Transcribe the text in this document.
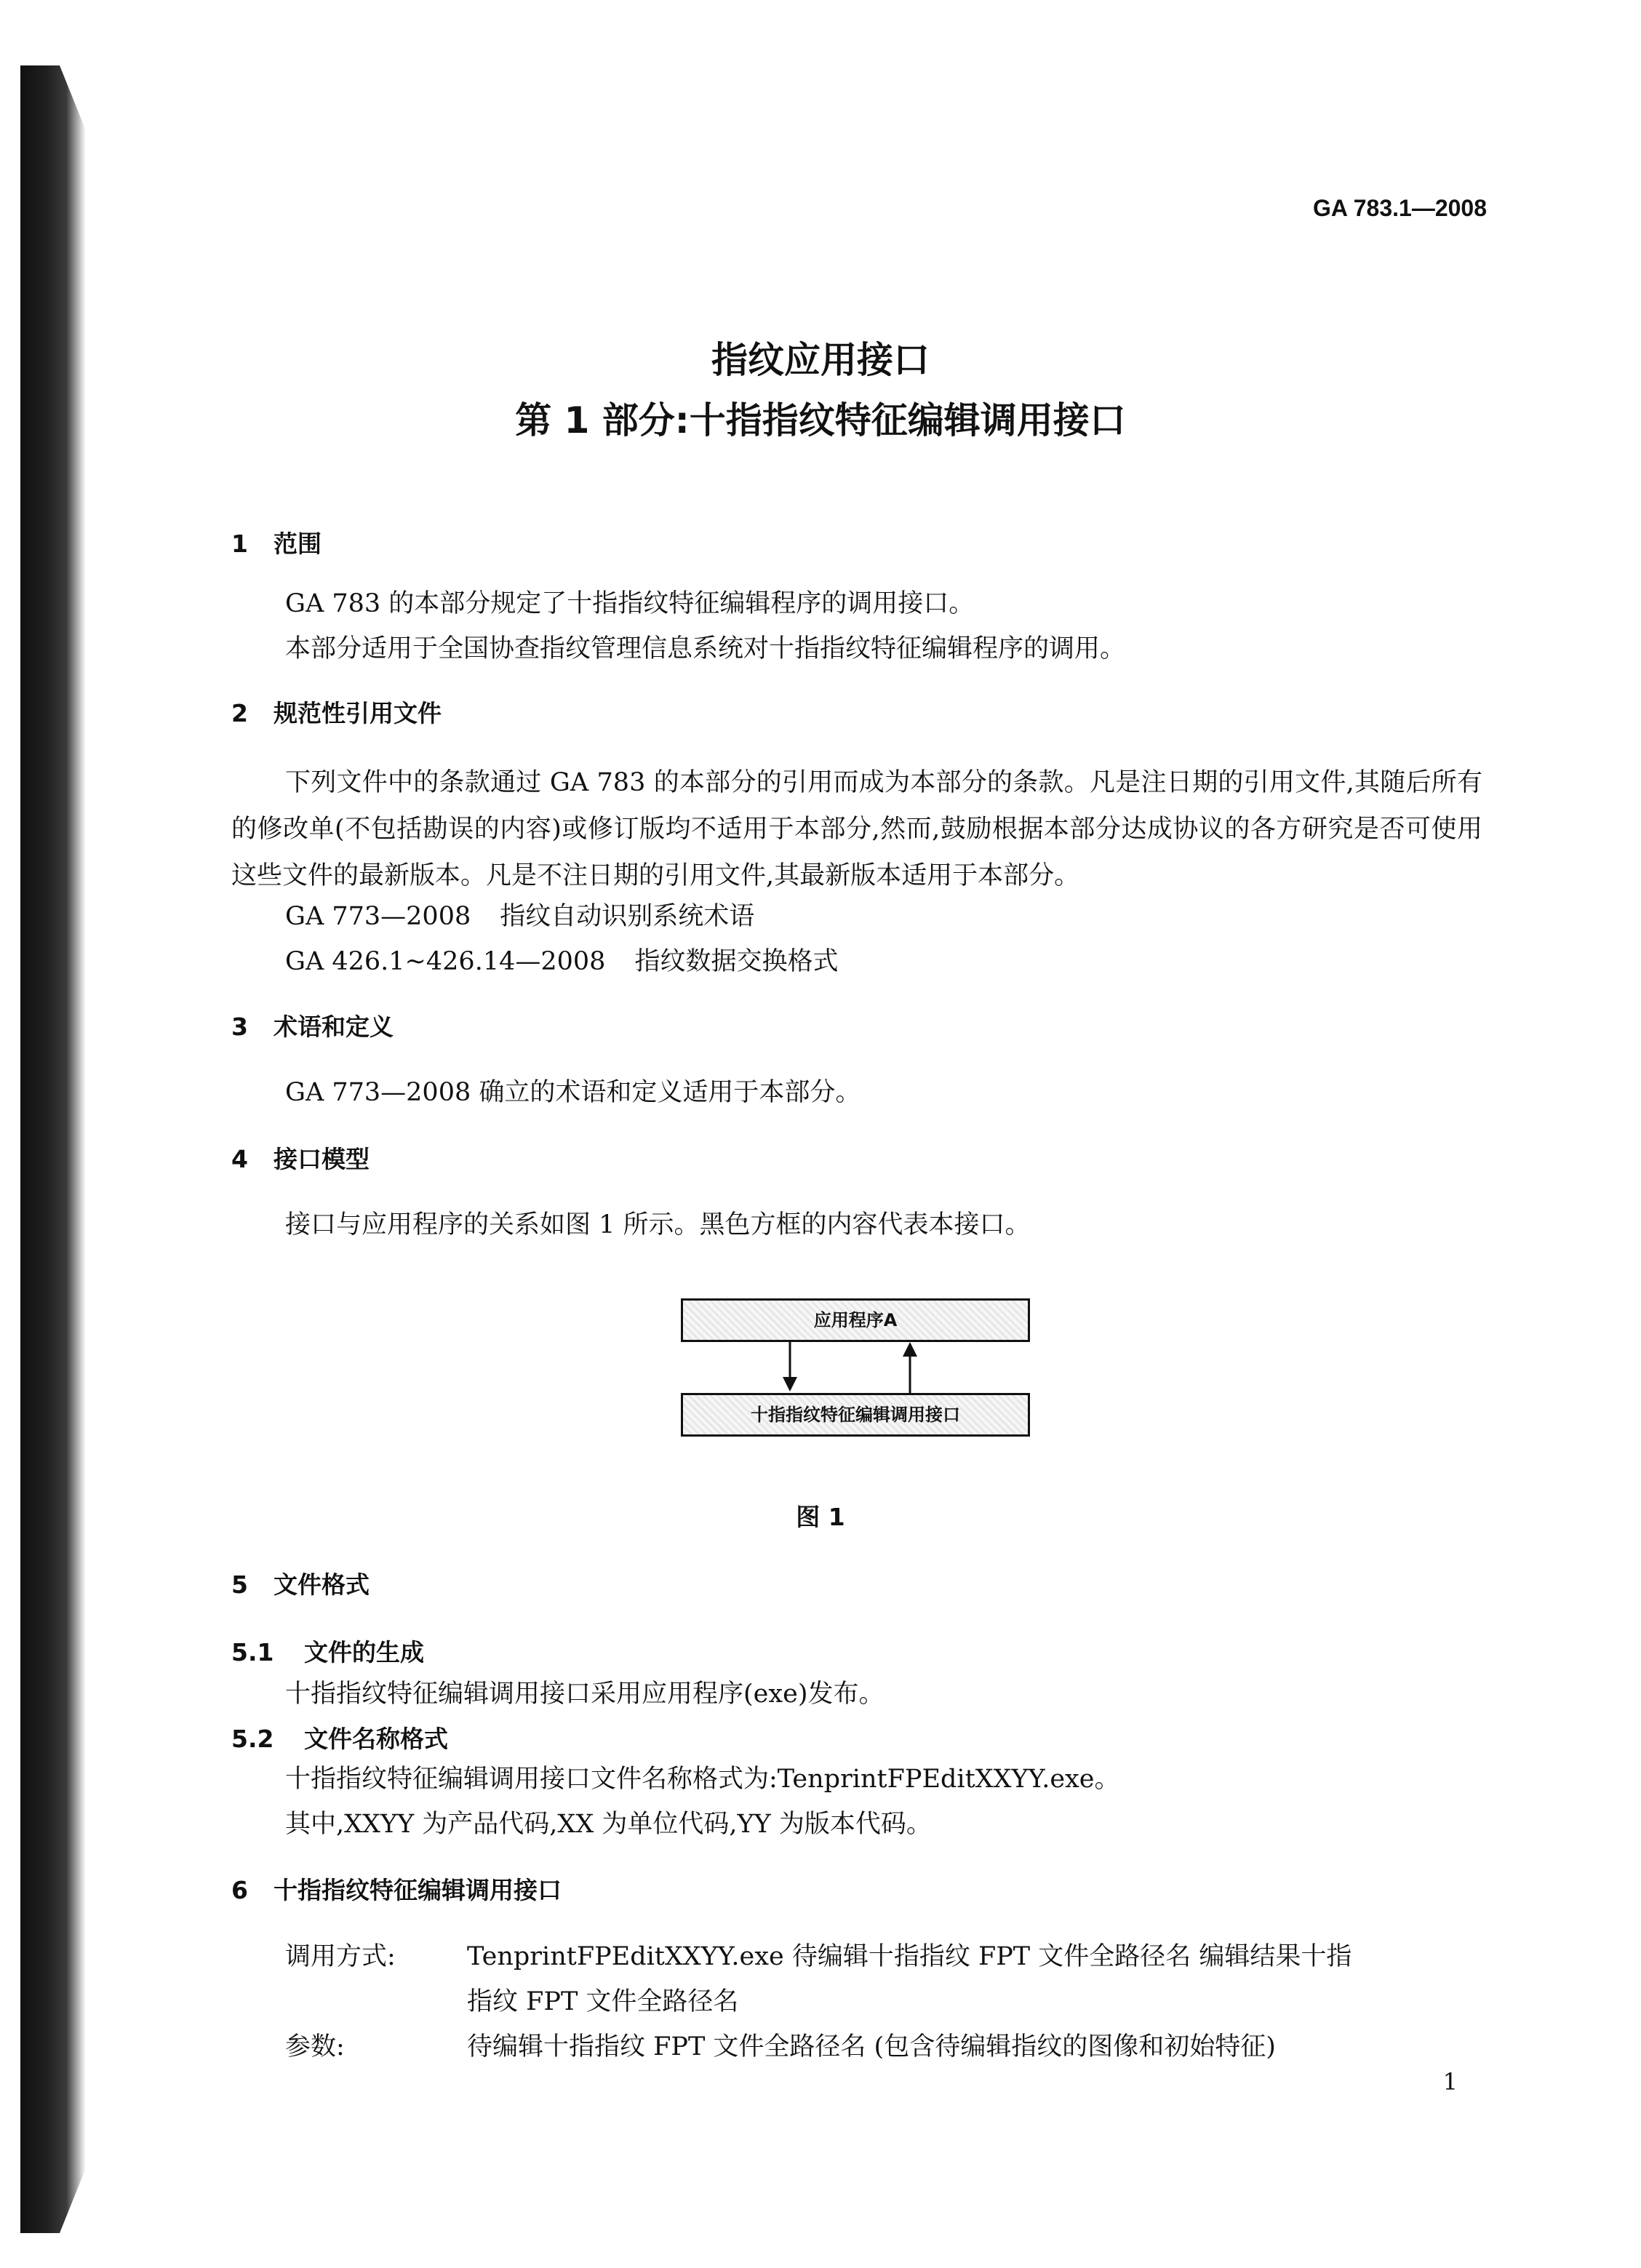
GA 783.1—2008
指纹应用接口
第 1 部分:十指指纹特征编辑调用接口
1 范围
GA 783 的本部分规定了十指指纹特征编辑程序的调用接口。
本部分适用于全国协查指纹管理信息系统对十指指纹特征编辑程序的调用。
2 规范性引用文件
下列文件中的条款通过 GA 783 的本部分的引用而成为本部分的条款。凡是注日期的引用文件,其随后所有的修改单(不包括勘误的内容)或修订版均不适用于本部分,然而,鼓励根据本部分达成协议的各方研究是否可使用这些文件的最新版本。凡是不注日期的引用文件,其最新版本适用于本部分。
GA 773—2008 指纹自动识别系统术语
GA 426.1~426.14—2008 指纹数据交换格式
3 术语和定义
GA 773—2008 确立的术语和定义适用于本部分。
4 接口模型
接口与应用程序的关系如图 1 所示。黑色方框的内容代表本接口。
应用程序A
十指指纹特征编辑调用接口
图 1
5 文件格式
5.1 文件的生成
十指指纹特征编辑调用接口采用应用程序(exe)发布。
5.2 文件名称格式
十指指纹特征编辑调用接口文件名称格式为:TenprintFPEditXXYY.exe。
其中,XXYY 为产品代码,XX 为单位代码,YY 为版本代码。
6 十指指纹特征编辑调用接口
调用方式:	TenprintFPEditXXYY.exe 待编辑十指指纹 FPT 文件全路径名 编辑结果十指
指纹 FPT 文件全路径名
参数:	待编辑十指指纹 FPT 文件全路径名 (包含待编辑指纹的图像和初始特征)
1
